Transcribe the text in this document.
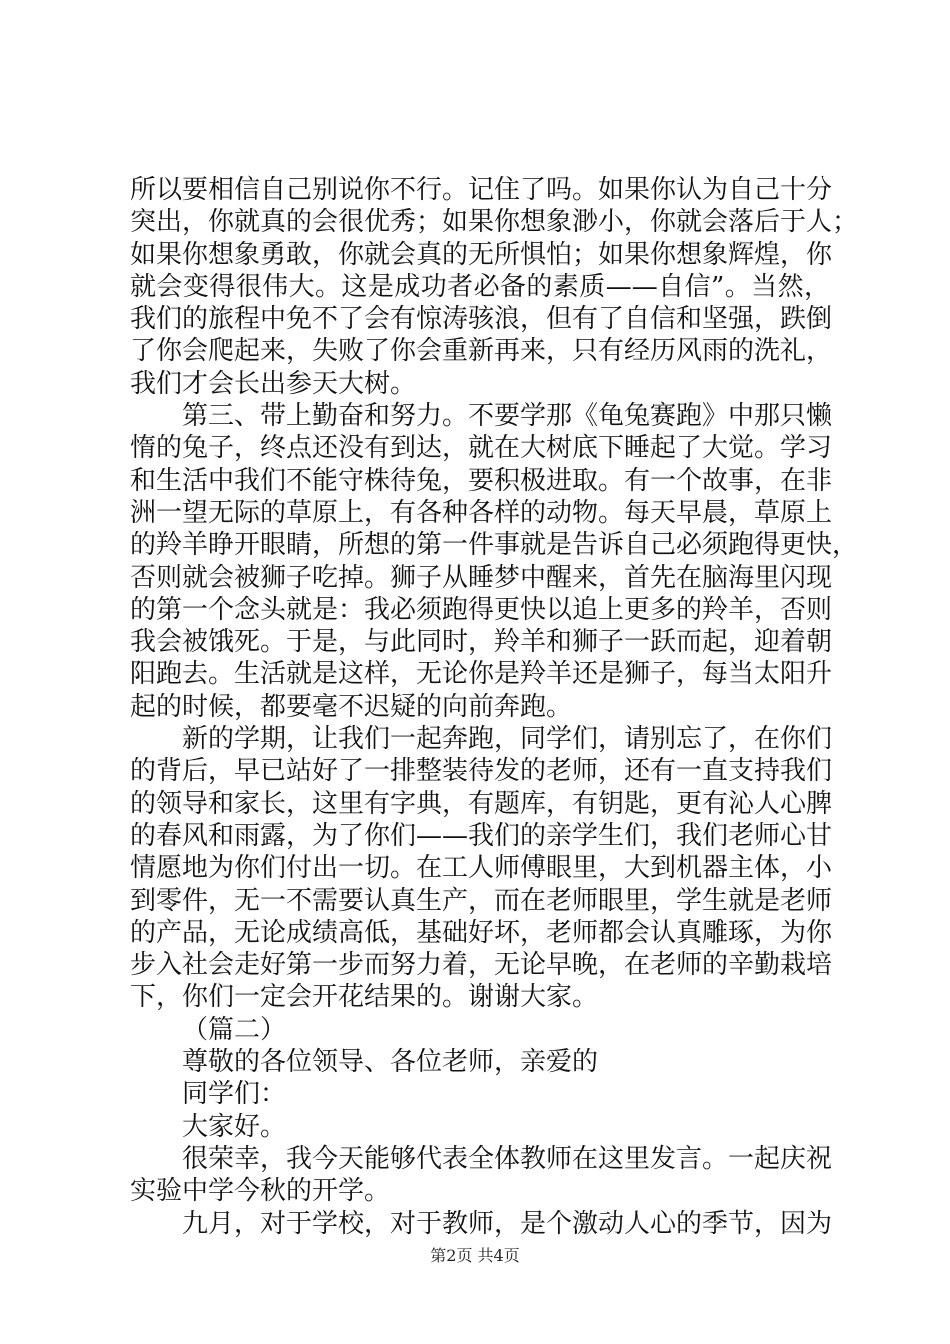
所以要相信自己别说你不行。记住了吗。如果你认为自己十分
突出，你就真的会很优秀；如果你想象渺小，你就会落后于人；
如果你想象勇敢，你就会真的无所惧怕；如果你想象辉煌，你
就会变得很伟大。这是成功者必备的素质——自信”。当然，
我们的旅程中免不了会有惊涛骇浪，但有了自信和坚强，跌倒
了你会爬起来，失败了你会重新再来，只有经历风雨的洗礼，
我们才会长出参天大树。
第三、带上勤奋和努力。不要学那《龟兔赛跑》中那只懒
惰的兔子，终点还没有到达，就在大树底下睡起了大觉。学习
和生活中我们不能守株待兔，要积极进取。有一个故事，在非
洲一望无际的草原上，有各种各样的动物。每天早晨，草原上
的羚羊睁开眼睛，所想的第一件事就是告诉自己必须跑得更快，
否则就会被狮子吃掉。狮子从睡梦中醒来，首先在脑海里闪现
的第一个念头就是：我必须跑得更快以追上更多的羚羊，否则
我会被饿死。于是，与此同时，羚羊和狮子一跃而起，迎着朝
阳跑去。生活就是这样，无论你是羚羊还是狮子，每当太阳升
起的时候，都要毫不迟疑的向前奔跑。
新的学期，让我们一起奔跑，同学们，请别忘了，在你们
的背后，早已站好了一排整装待发的老师，还有一直支持我们
的领导和家长，这里有字典，有题库，有钥匙，更有沁人心脾
的春风和雨露，为了你们——我们的亲学生们，我们老师心甘
情愿地为你们付出一切。在工人师傅眼里，大到机器主体，小
到零件，无一不需要认真生产，而在老师眼里，学生就是老师
的产品，无论成绩高低，基础好坏，老师都会认真雕琢，为你
步入社会走好第一步而努力着，无论早晚，在老师的辛勤栽培
下，你们一定会开花结果的。谢谢大家。
（篇二）
尊敬的各位领导、各位老师，亲爱的
同学们：
大家好。
很荣幸，我今天能够代表全体教师在这里发言。一起庆祝
实验中学今秋的开学。
九月，对于学校，对于教师，是个激动人心的季节，因为
第2页 共4页
